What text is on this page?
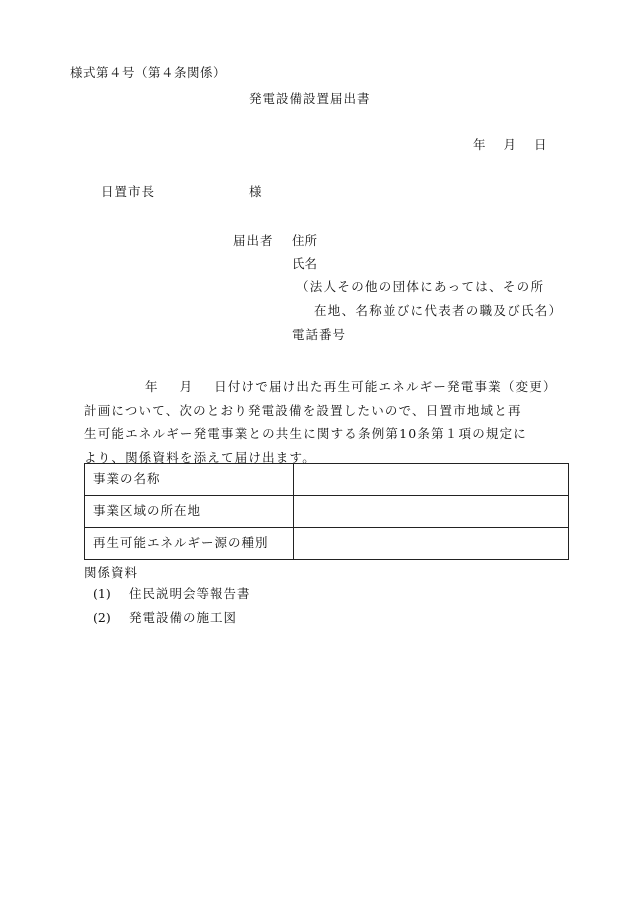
様式第４号（第４条関係）
発電設備設置届出書
年 月 日
日置市長	様
届出者 住所
氏名
（法人その他の団体にあっては、その所
在地、名称並びに代表者の職及び氏名）
電話番号
年　 月　 日付けで届け出た再生可能エネルギー発電事業（変更）
計画について、次のとおり発電設備を設置したいので、日置市地域と再
生可能エネルギー発電事業との共生に関する条例第10条第１項の規定に
より、関係資料を添えて届け出ます。
事業の名称	
事業区域の所在地	
再生可能エネルギー源の種別	
関係資料
(1) 住民説明会等報告書
(2) 発電設備の施工図
